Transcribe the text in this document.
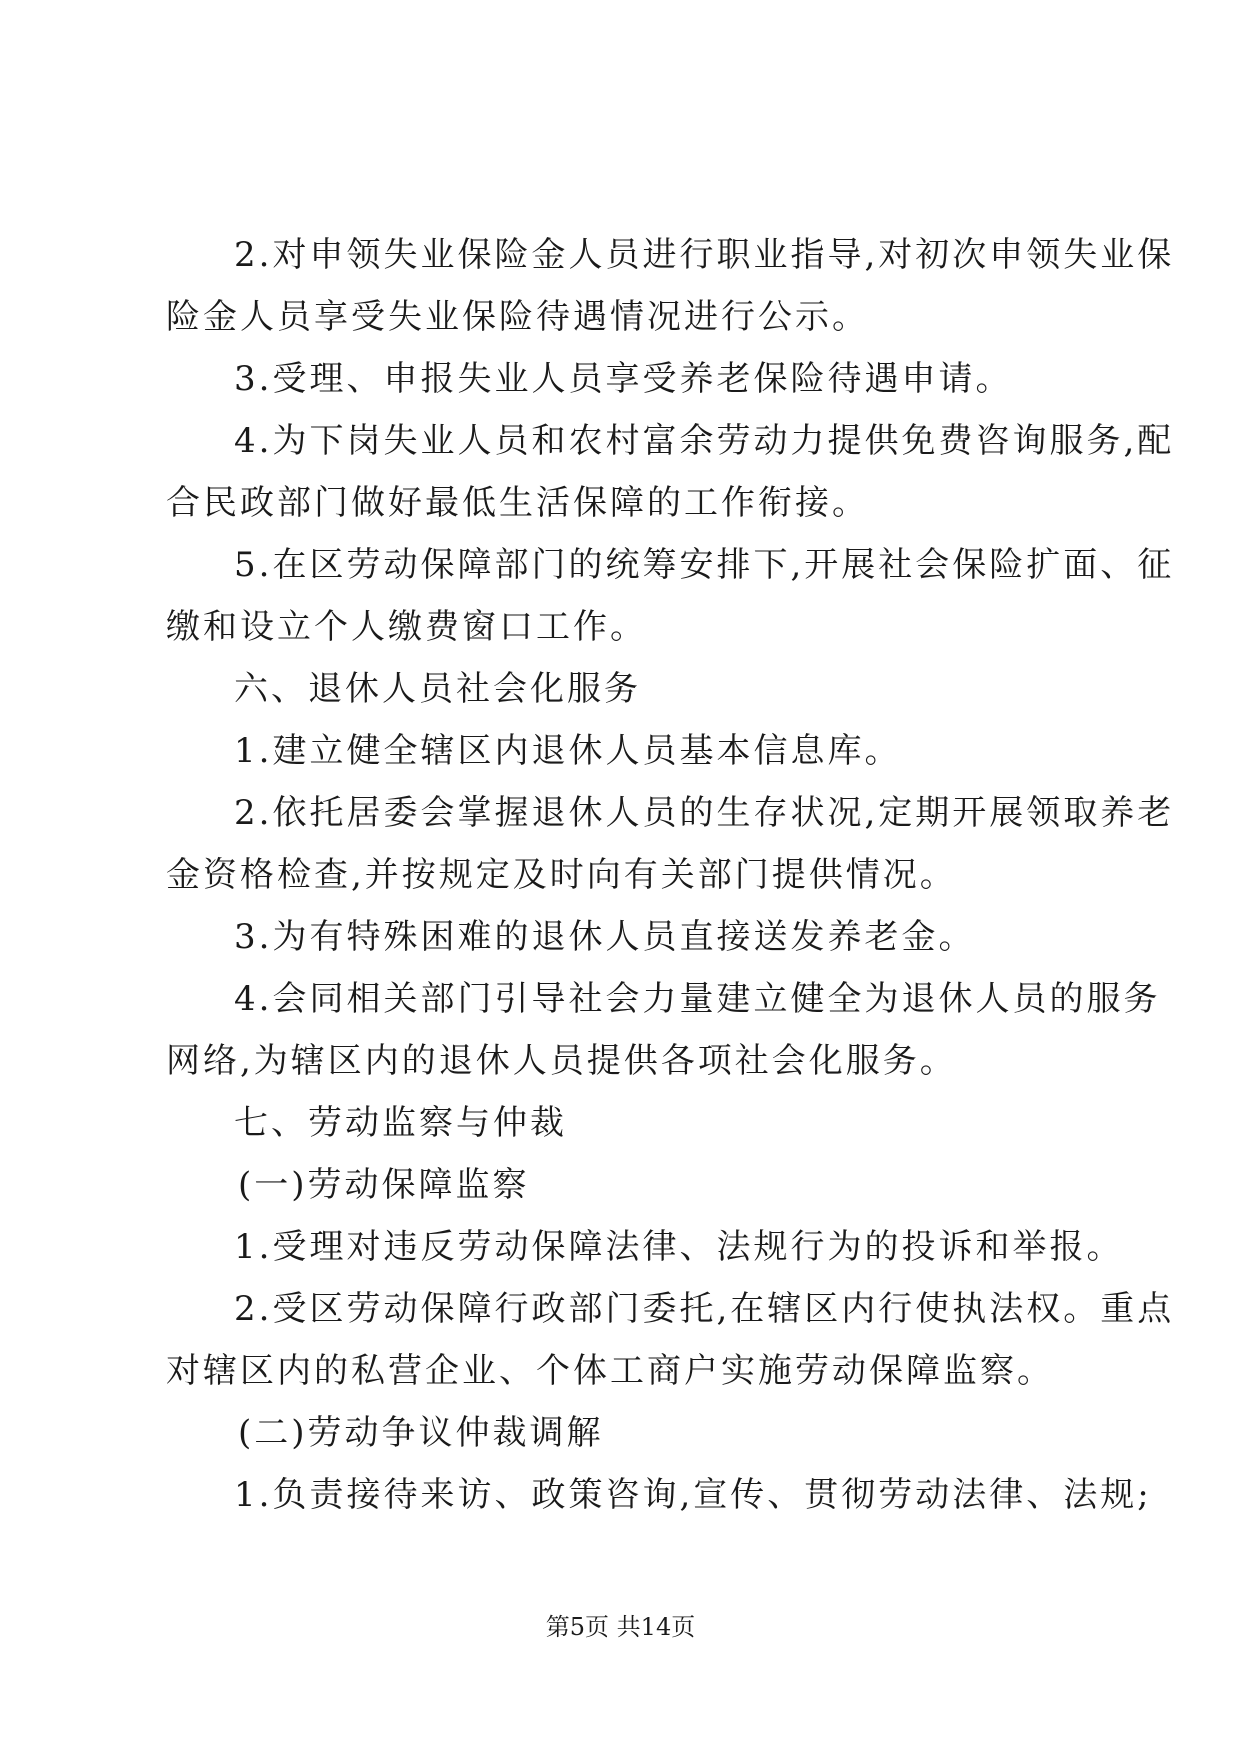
2.对申领失业保险金人员进行职业指导,对初次申领失业保
险金人员享受失业保险待遇情况进行公示。
3.受理、申报失业人员享受养老保险待遇申请。
4.为下岗失业人员和农村富余劳动力提供免费咨询服务,配
合民政部门做好最低生活保障的工作衔接。
5.在区劳动保障部门的统筹安排下,开展社会保险扩面、征
缴和设立个人缴费窗口工作。
六、退休人员社会化服务
1.建立健全辖区内退休人员基本信息库。
2.依托居委会掌握退休人员的生存状况,定期开展领取养老
金资格检查,并按规定及时向有关部门提供情况。
3.为有特殊困难的退休人员直接送发养老金。
4.会同相关部门引导社会力量建立健全为退休人员的服务
网络,为辖区内的退休人员提供各项社会化服务。
七、劳动监察与仲裁
(一)劳动保障监察
1.受理对违反劳动保障法律、法规行为的投诉和举报。
2.受区劳动保障行政部门委托,在辖区内行使执法权。重点
对辖区内的私营企业、个体工商户实施劳动保障监察。
(二)劳动争议仲裁调解
1.负责接待来访、政策咨询,宣传、贯彻劳动法律、法规;
第5页 共14页
